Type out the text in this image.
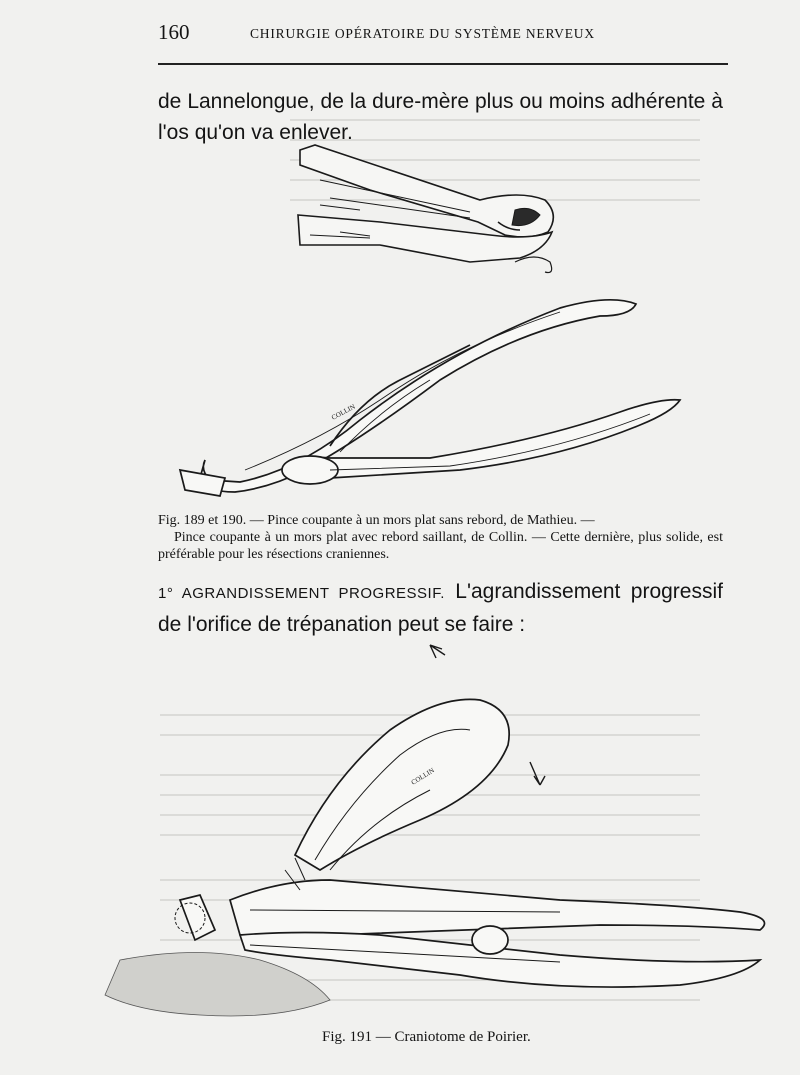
160	CHIRURGIE OPÉRATOIRE DU SYSTÈME NERVEUX

de Lannelongue, de la dure-mère plus ou moins adhérente à l'os qu'on va enlever.

COLLIN

Fig. 189 et 190. — Pince coupante à un mors plat sans rebord, de Mathieu. —
Pince coupante à un mors plat avec rebord saillant, de Collin. — Cette dernière, plus solide, est préférable pour les résections craniennes.

1° AGRANDISSEMENT PROGRESSIF. L'agrandissement progressif de l'orifice de trépanation peut se faire :

COLLIN
Fig. 191 — Craniotome de Poirier.
